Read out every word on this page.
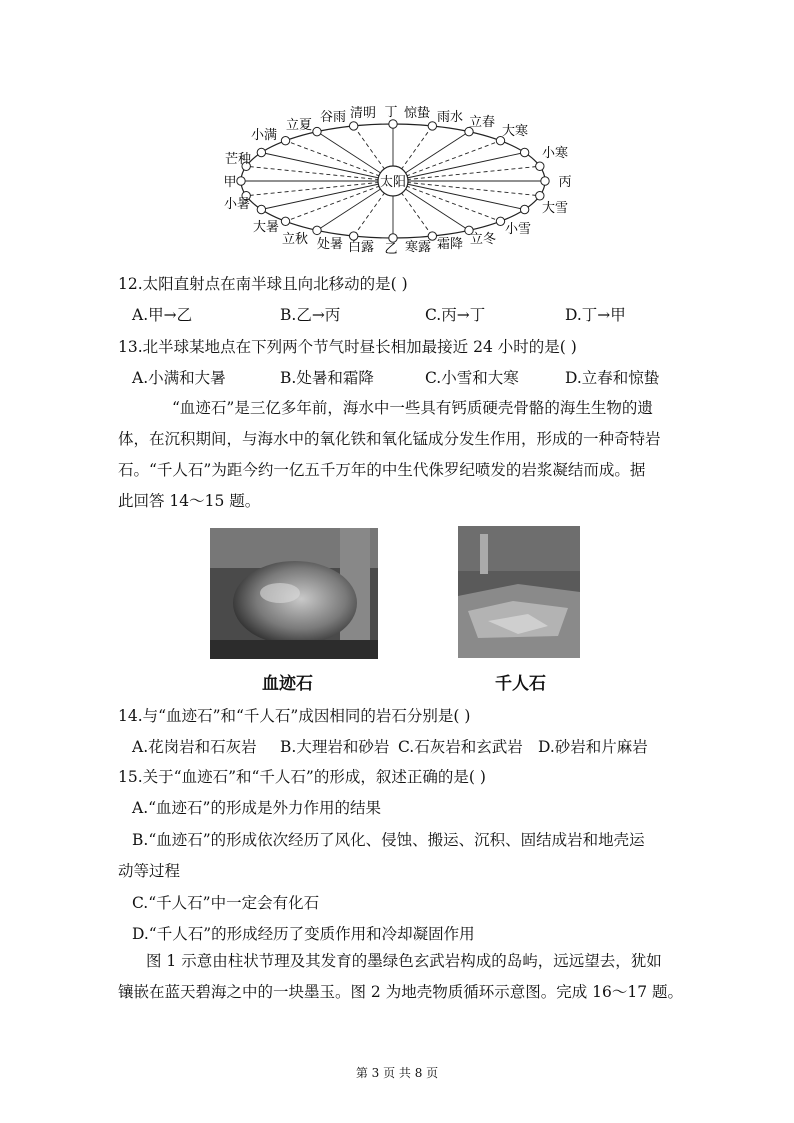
太阳
立夏
谷雨 清明 丁 惊蛰 雨水 立春
立秋 处暑 白露 乙 寒露 霜降 立冬
小满
芒种
甲
小暑
大暑
大寒
小寒
丙
大雪
小雪
12.太阳直射点在南半球且向北移动的是( )
A.甲→乙	B.乙→丙	C.丙→丁	D.丁→甲
13.北半球某地点在下列两个节气时昼长相加最接近 24 小时的是( )
A.小满和大暑	B.处暑和霜降	C.小雪和大寒	D.立春和惊蛰
“血迹石”是三亿多年前，海水中一些具有钙质硬壳骨骼的海生生物的遗
体，在沉积期间，与海水中的氧化铁和氧化锰成分发生作用，形成的一种奇特岩
石。“千人石”为距今约一亿五千万年的中生代侏罗纪喷发的岩浆凝结而成。据
此回答 14～15 题。
血迹石	千人石
14.与“血迹石”和“千人石”成因相同的岩石分别是( )
A.花岗岩和石灰岩 B.大理岩和砂岩 C.石灰岩和玄武岩 D.砂岩和片麻岩
15.关于“血迹石”和“千人石”的形成，叙述正确的是( )
A.“血迹石”的形成是外力作用的结果
B.“血迹石”的形成依次经历了风化、侵蚀、搬运、沉积、固结成岩和地壳运
动等过程
C.“千人石”中一定会有化石
D.“千人石”的形成经历了变质作用和冷却凝固作用
图 1 示意由柱状节理及其发育的墨绿色玄武岩构成的岛屿，远远望去，犹如
镶嵌在蓝天碧海之中的一块墨玉。图 2 为地壳物质循环示意图。完成 16～17 题。
第 3 页 共 8 页
